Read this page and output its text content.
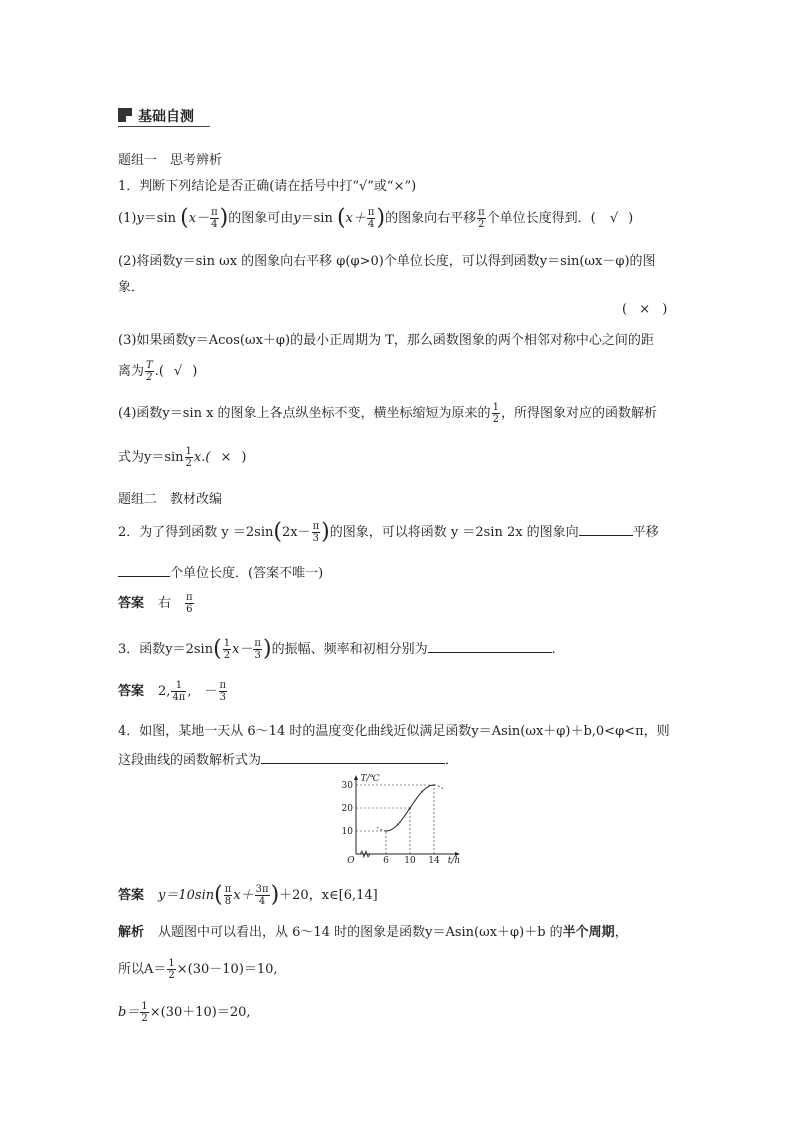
基础自测
题组一　思考辨析
1．判断下列结论是否正确(请在括号中打“√”或“×”)
(1)y＝sin ($x- \frac{\pi}{4}$ )的图象可由y＝sin ($x+ \frac{\pi}{4}$ )的图象向右平移 $\frac{\pi}{2}$ 个单位长度得到．( √ )
(2)将函数y＝sin ωx 的图象向右平移 φ(φ>0)个单位长度，可以得到函数y＝sin(ωx－φ)的图
象．
( × )
(3)如果函数y＝Acos(ωx＋φ)的最小正周期为 T，那么函数图象的两个相邻对称中心之间的距
离为 $\frac{T}{2}$ .( √ )
(4)函数y＝sin x 的图象上各点纵坐标不变，横坐标缩短为原来的 $\frac{1}{2}$ ，所得图象对应的函数解析
式为$y=\sin \frac{1}{2} x$.( × )
题组二　教材改编
2．为了得到函数 $y =2\sin(2x- \frac{\pi}{3}$ )的图象，可以将函数 y ＝2sin 2x 的图象向	平移
个单位长度．(答案不唯一)
答案 右 $\frac{\pi}{6}$
3．函数$y=2\sin( \frac{1}{2} x- \frac{\pi}{3}$ )的振幅、频率和初相分别为	．
答案 2, $\frac{1}{4\pi}$ ,　－ $\frac{\pi}{3}$
4．如图，某地一天从 6～14 时的温度变化曲线近似满足函数y＝Asin(ωx＋φ)＋b,0<φ<π，则
这段曲线的函数解析式为	．
O
T/℃
t/h
10
20
30
6 10 14
答案 $y=10\sin( \frac{\pi}{8} x+ \frac{3\pi}{4} )+20$，x∈[6,14]
解析 从题图中可以看出，从 6～14 时的图象是函数y＝Asin(ωx＋φ)＋b 的半个周期，
所以$A= \frac{1}{2} \times(30-10)=10$,
$b= \frac{1}{2} \times(30+10)=20$,
